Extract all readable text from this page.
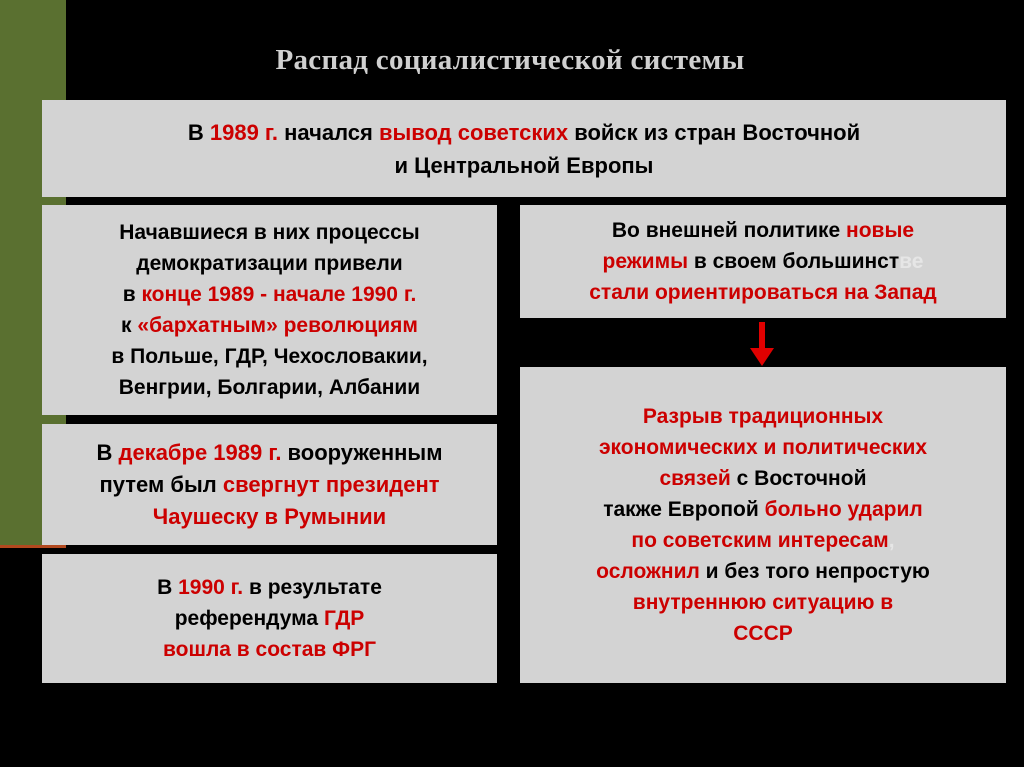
Распад социалистической системы

В 1989 г. начался вывод советских войск из стран Восточной
и Центральной Европы

Начавшиеся в них процессы
демократизации привели
в конце 1989 - начале 1990 г.
к «бархатным» революциям
в Польше, ГДР, Чехословакии,
Венгрии, Болгарии, Албании

В декабре 1989 г. вооруженным
путем был свергнут президент
Чаушеску в Румынии

В 1990 г. в результате
референдума ГДР
вошла в состав ФРГ

Во внешней политике новые
режимы в своем большинстве
стали ориентироваться на Запад

Разрыв традиционных
экономических и политических
связей с Восточной
также Европой больно ударил
по советским интересам,
осложнил и без того непростую
внутреннюю ситуацию в
СССР
